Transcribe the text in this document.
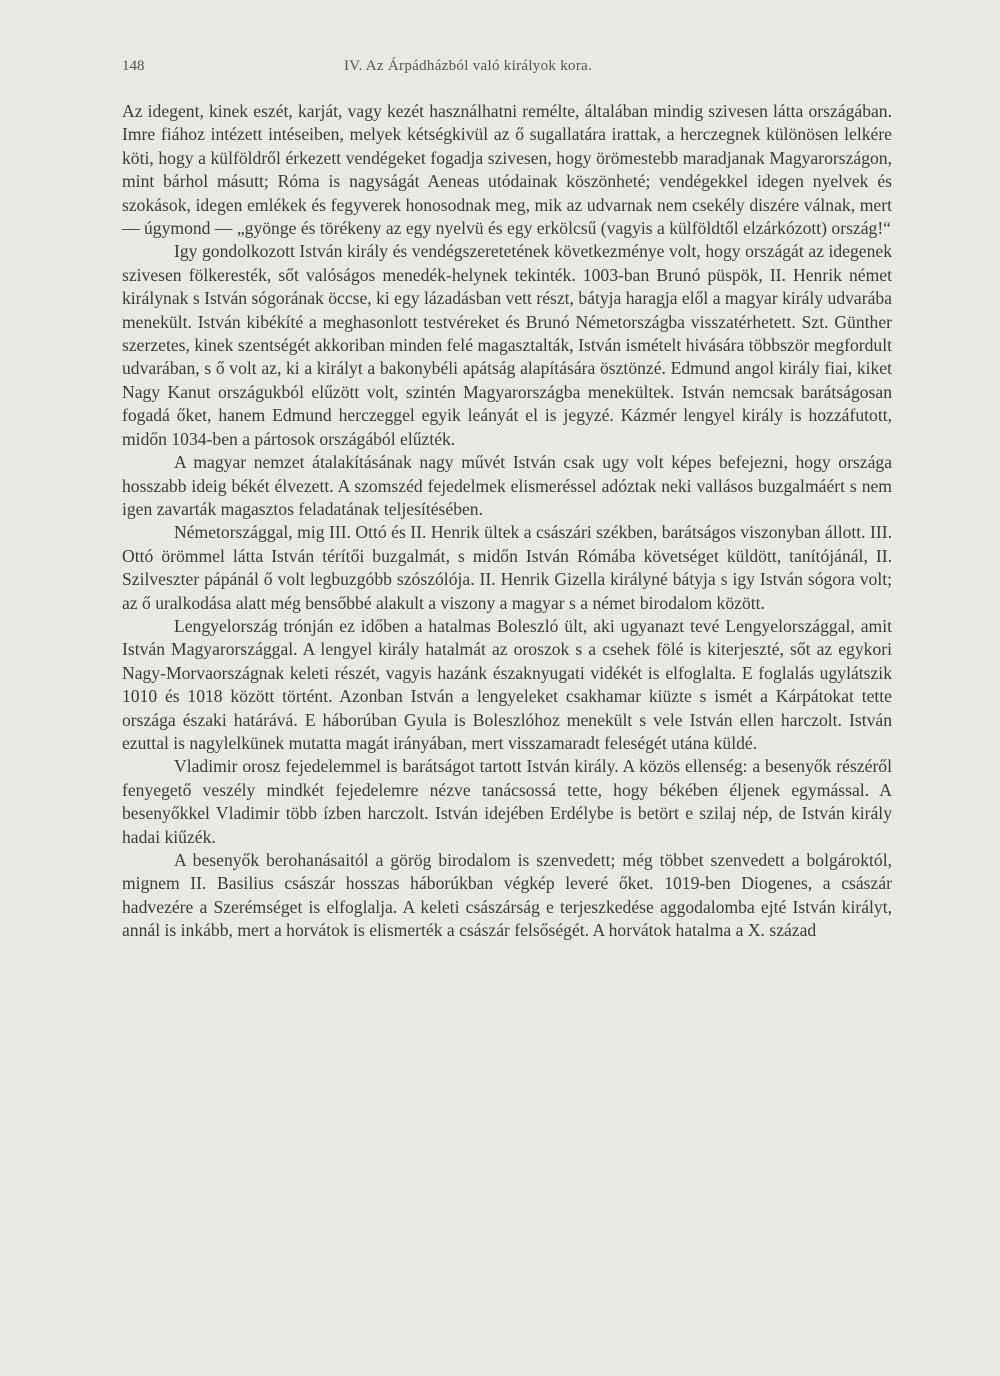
148	IV. Az Árpádházból való királyok kora.

Az idegent, kinek eszét, karját, vagy kezét használhatni remélte, általában mindig szivesen látta országában. Imre fiához intézett intéseiben, melyek kétségkivül az ő sugallatára irattak, a herczegnek különösen lelkére köti, hogy a külföldről érkezett vendégeket fogadja szivesen, hogy örömestebb maradjanak Magyarországon, mint bárhol másutt; Róma is nagyságát Aeneas utódainak köszönheté; vendégekkel idegen nyelvek és szokások, idegen emlékek és fegyverek honosodnak meg, mik az udvarnak nem csekély diszére válnak, mert — úgymond — „gyönge és törékeny az egy nyelvü és egy erkölcsű (vagyis a külföldtől elzárkózott) ország!“

Igy gondolkozott István király és vendégszeretetének következménye volt, hogy országát az idegenek szivesen fölkeresték, sőt valóságos menedék-helynek tekinték. 1003-ban Brunó püspök, II. Henrik német királynak s István sógorának öccse, ki egy lázadásban vett részt, bátyja haragja elől a magyar király udvarába menekült. István kibékíté a meghasonlott testvéreket és Brunó Németországba visszatérhetett. Szt. Günther szerzetes, kinek szentségét akkoriban minden felé magasztalták, István ismételt hivására többször megfordult udvarában, s ő volt az, ki a királyt a bakonybéli apátság alapítására ösztönzé. Edmund angol király fiai, kiket Nagy Kanut országukból elűzött volt, szintén Magyarországba menekültek. István nemcsak barátságosan fogadá őket, hanem Edmund herczeggel egyik leányát el is jegyzé. Kázmér lengyel király is hozzáfutott, midőn 1034-ben a pártosok országából elűzték.

A magyar nemzet átalakításának nagy művét István csak ugy volt képes befejezni, hogy országa hosszabb ideig békét élvezett. A szomszéd fejedelmek elismeréssel adóztak neki vallásos buzgalmáért s nem igen zavarták magasztos feladatának teljesítésében.

Németországgal, mig III. Ottó és II. Henrik ültek a császári székben, barátságos viszonyban állott. III. Ottó örömmel látta István térítői buzgalmát, s midőn István Rómába követséget küldött, tanítójánál, II. Szilveszter pápánál ő volt legbuzgóbb szószólója. II. Henrik Gizella királyné bátyja s igy István sógora volt; az ő uralkodása alatt még bensőbbé alakult a viszony a magyar s a német birodalom között.

Lengyelország trónján ez időben a hatalmas Boleszló ült, aki ugyanazt tevé Lengyelországgal, amit István Magyarországgal. A lengyel király hatalmát az oroszok s a csehek fölé is kiterjeszté, sőt az egykori Nagy-Morvaországnak keleti részét, vagyis hazánk északnyugati vidékét is elfoglalta. E foglalás ugylátszik 1010 és 1018 között történt. Azonban István a lengyeleket csakhamar kiüzte s ismét a Kárpátokat tette országa északi határává. E háborúban Gyula is Boleszlóhoz menekült s vele István ellen harczolt. István ezuttal is nagylelkünek mutatta magát irányában, mert visszamaradt feleségét utána küldé.

Vladimir orosz fejedelemmel is barátságot tartott István király. A közös ellenség: a besenyők részéről fenyegető veszély mindkét fejedelemre nézve tanácsossá tette, hogy békében éljenek egymással. A besenyőkkel Vladimir több ízben harczolt. István idejében Erdélybe is betört e szilaj nép, de István király hadai kiűzék.

A besenyők berohanásaitól a görög birodalom is szenvedett; még többet szenvedett a bolgároktól, mignem II. Basilius császár hosszas háborúkban végkép leveré őket. 1019-ben Diogenes, a császár hadvezére a Szerémséget is elfoglalja. A keleti császárság e terjeszkedése aggodalomba ejté István királyt, annál is inkább, mert a horvátok is elismerték a császár felsőségét. A horvátok hatalma a X. század
